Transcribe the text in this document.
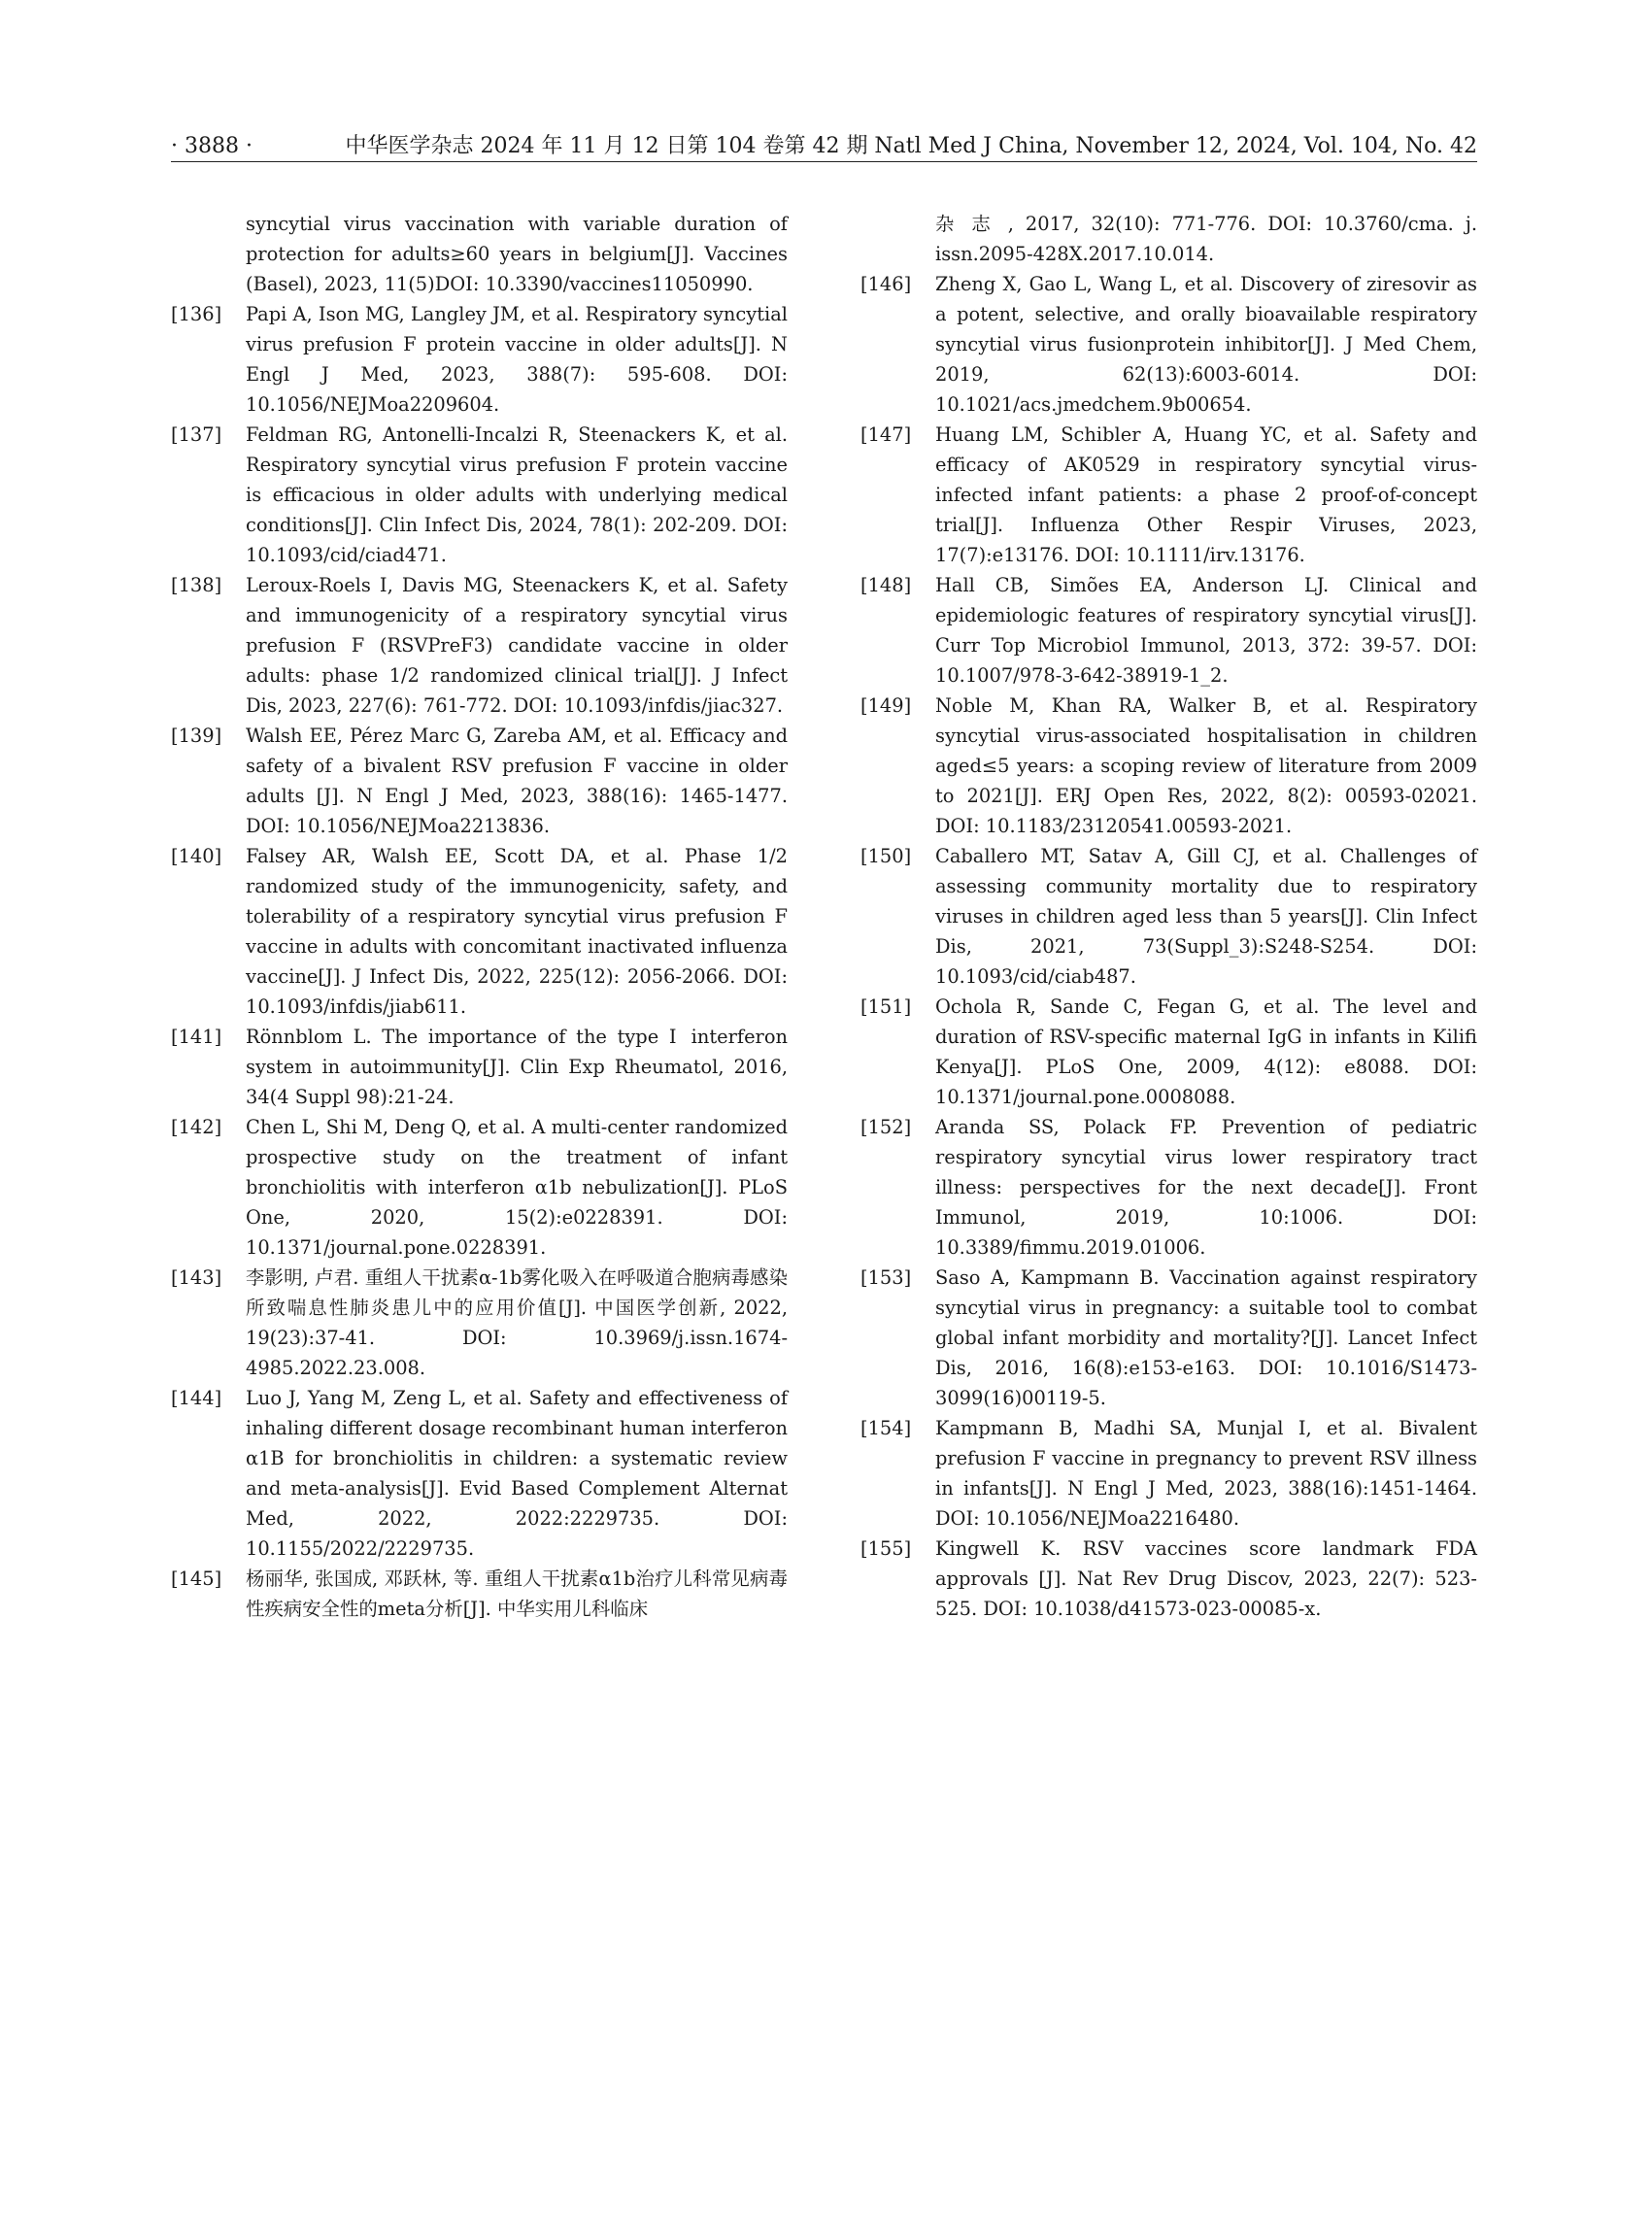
· 3888 ·	中华医学杂志 2024 年 11 月 12 日第 104 卷第 42 期 Natl Med J China, November 12, 2024, Vol. 104, No. 42
syncytial virus vaccination with variable duration of protection for adults≥60 years in belgium[J]. Vaccines (Basel), 2023, 11(5)DOI: 10.3390/vaccines11050990.
[136] Papi A, Ison MG, Langley JM, et al. Respiratory syncytial virus prefusion F protein vaccine in older adults[J]. N Engl J Med, 2023, 388(7): 595-608. DOI: 10.1056/NEJMoa2209604.
[137] Feldman RG, Antonelli-Incalzi R, Steenackers K, et al. Respiratory syncytial virus prefusion F protein vaccine is efficacious in older adults with underlying medical conditions[J]. Clin Infect Dis, 2024, 78(1): 202-209. DOI: 10.1093/cid/ciad471.
[138] Leroux-Roels I, Davis MG, Steenackers K, et al. Safety and immunogenicity of a respiratory syncytial virus prefusion F (RSVPreF3) candidate vaccine in older adults: phase 1/2 randomized clinical trial[J]. J Infect Dis, 2023, 227(6): 761-772. DOI: 10.1093/infdis/jiac327.
[139] Walsh EE, Pérez Marc G, Zareba AM, et al. Efficacy and safety of a bivalent RSV prefusion F vaccine in older adults [J]. N Engl J Med, 2023, 388(16): 1465-1477. DOI: 10.1056/NEJMoa2213836.
[140] Falsey AR, Walsh EE, Scott DA, et al. Phase 1/2 randomized study of the immunogenicity, safety, and tolerability of a respiratory syncytial virus prefusion F vaccine in adults with concomitant inactivated influenza vaccine[J]. J Infect Dis, 2022, 225(12): 2056-2066. DOI: 10.1093/infdis/jiab611.
[141] Rönnblom L. The importance of the type Ⅰ interferon system in autoimmunity[J]. Clin Exp Rheumatol, 2016, 34(4 Suppl 98):21-24.
[142] Chen L, Shi M, Deng Q, et al. A multi-center randomized prospective study on the treatment of infant bronchiolitis with interferon α1b nebulization[J]. PLoS One, 2020, 15(2):e0228391. DOI: 10.1371/journal.pone.0228391.
[143] 李影明, 卢君. 重组人干扰素α-1b雾化吸入在呼吸道合胞病毒感染所致喘息性肺炎患儿中的应用价值[J]. 中国医学创新, 2022, 19(23):37-41. DOI: 10.3969/j.issn.1674-4985.2022.23.008.
[144] Luo J, Yang M, Zeng L, et al. Safety and effectiveness of inhaling different dosage recombinant human interferon α1B for bronchiolitis in children: a systematic review and meta-analysis[J]. Evid Based Complement Alternat Med, 2022, 2022:2229735. DOI: 10.1155/2022/2229735.
[145] 杨丽华, 张国成, 邓跃林, 等. 重组人干扰素α1b治疗儿科常见病毒性疾病安全性的meta分析[J]. 中华实用儿科临床
杂 志 , 2017, 32(10): 771-776. DOI: 10.3760/cma. j. issn.2095-428X.2017.10.014.
[146] Zheng X, Gao L, Wang L, et al. Discovery of ziresovir as a potent, selective, and orally bioavailable respiratory syncytial virus fusionprotein inhibitor[J]. J Med Chem, 2019, 62(13):6003-6014. DOI: 10.1021/acs.jmedchem.9b00654.
[147] Huang LM, Schibler A, Huang YC, et al. Safety and efficacy of AK0529 in respiratory syncytial virus-infected infant patients: a phase 2 proof-of-concept trial[J]. Influenza Other Respir Viruses, 2023, 17(7):e13176. DOI: 10.1111/irv.13176.
[148] Hall CB, Simões EA, Anderson LJ. Clinical and epidemiologic features of respiratory syncytial virus[J]. Curr Top Microbiol Immunol, 2013, 372: 39-57. DOI: 10.1007/978-3-642-38919-1_2.
[149] Noble M, Khan RA, Walker B, et al. Respiratory syncytial virus-associated hospitalisation in children aged≤5 years: a scoping review of literature from 2009 to 2021[J]. ERJ Open Res, 2022, 8(2): 00593-02021. DOI: 10.1183/23120541.00593-2021.
[150] Caballero MT, Satav A, Gill CJ, et al. Challenges of assessing community mortality due to respiratory viruses in children aged less than 5 years[J]. Clin Infect Dis, 2021, 73(Suppl_3):S248-S254. DOI: 10.1093/cid/ciab487.
[151] Ochola R, Sande C, Fegan G, et al. The level and duration of RSV-specific maternal IgG in infants in Kilifi Kenya[J]. PLoS One, 2009, 4(12): e8088. DOI: 10.1371/journal.pone.0008088.
[152] Aranda SS, Polack FP. Prevention of pediatric respiratory syncytial virus lower respiratory tract illness: perspectives for the next decade[J]. Front Immunol, 2019, 10:1006. DOI: 10.3389/fimmu.2019.01006.
[153] Saso A, Kampmann B. Vaccination against respiratory syncytial virus in pregnancy: a suitable tool to combat global infant morbidity and mortality?[J]. Lancet Infect Dis, 2016, 16(8):e153-e163. DOI: 10.1016/S1473-3099(16)00119-5.
[154] Kampmann B, Madhi SA, Munjal I, et al. Bivalent prefusion F vaccine in pregnancy to prevent RSV illness in infants[J]. N Engl J Med, 2023, 388(16):1451-1464. DOI: 10.1056/NEJMoa2216480.
[155] Kingwell K. RSV vaccines score landmark FDA approvals [J]. Nat Rev Drug Discov, 2023, 22(7): 523-525. DOI: 10.1038/d41573-023-00085-x.
